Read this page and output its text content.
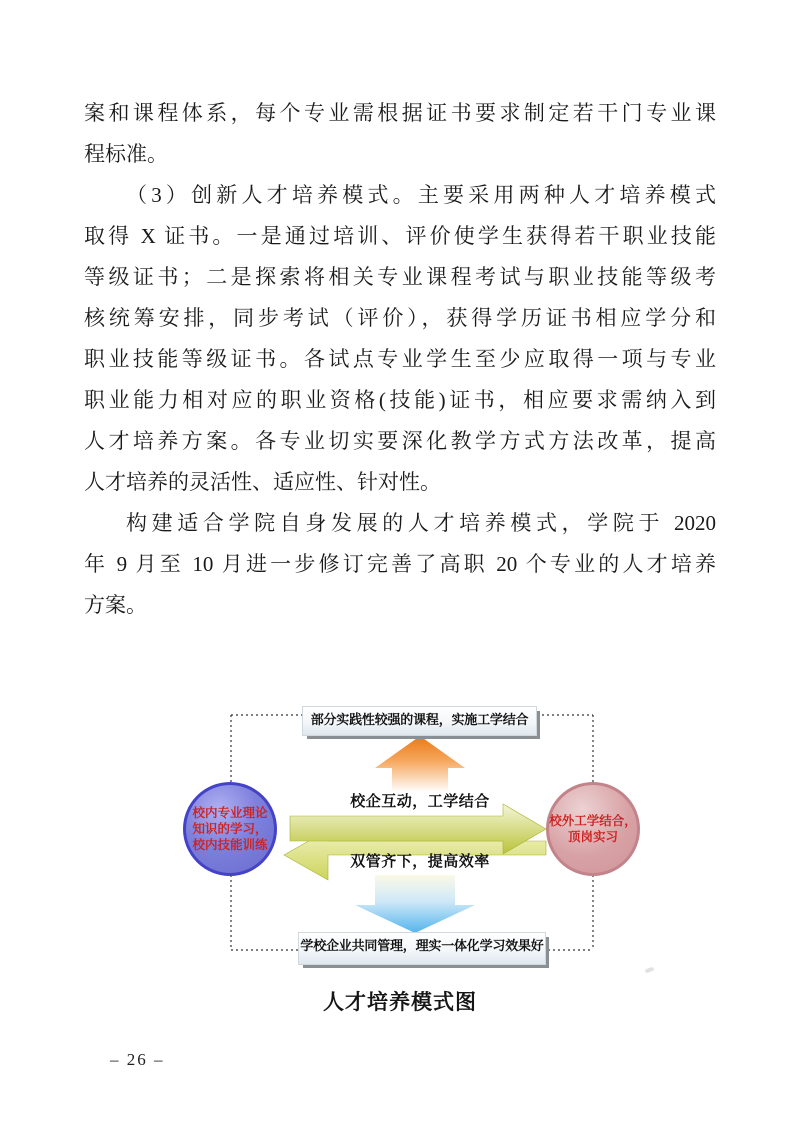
案和课程体系，每个专业需根据证书要求制定若干门专业课
程标准。
（3）创新人才培养模式。主要采用两种人才培养模式
取得 X 证书。一是通过培训、评价使学生获得若干职业技能
等级证书；二是探索将相关专业课程考试与职业技能等级考
核统筹安排，同步考试（评价），获得学历证书相应学分和
职业技能等级证书。各试点专业学生至少应取得一项与专业
职业能力相对应的职业资格(技能)证书，相应要求需纳入到
人才培养方案。各专业切实要深化教学方式方法改革，提高
人才培养的灵活性、适应性、针对性。
构建适合学院自身发展的人才培养模式，学院于 2020
年 9 月至 10 月进一步修订完善了高职 20 个专业的人才培养
方案。
部分实践性较强的课程，实施工学结合
学校企业共同管理，理实一体化学习效果好
校企互动，工学结合
双管齐下，提高效率
校内专业理论
知识的学习，
校内技能训练
校外工学结合，
顶岗实习
人才培养模式图
– 26 –
